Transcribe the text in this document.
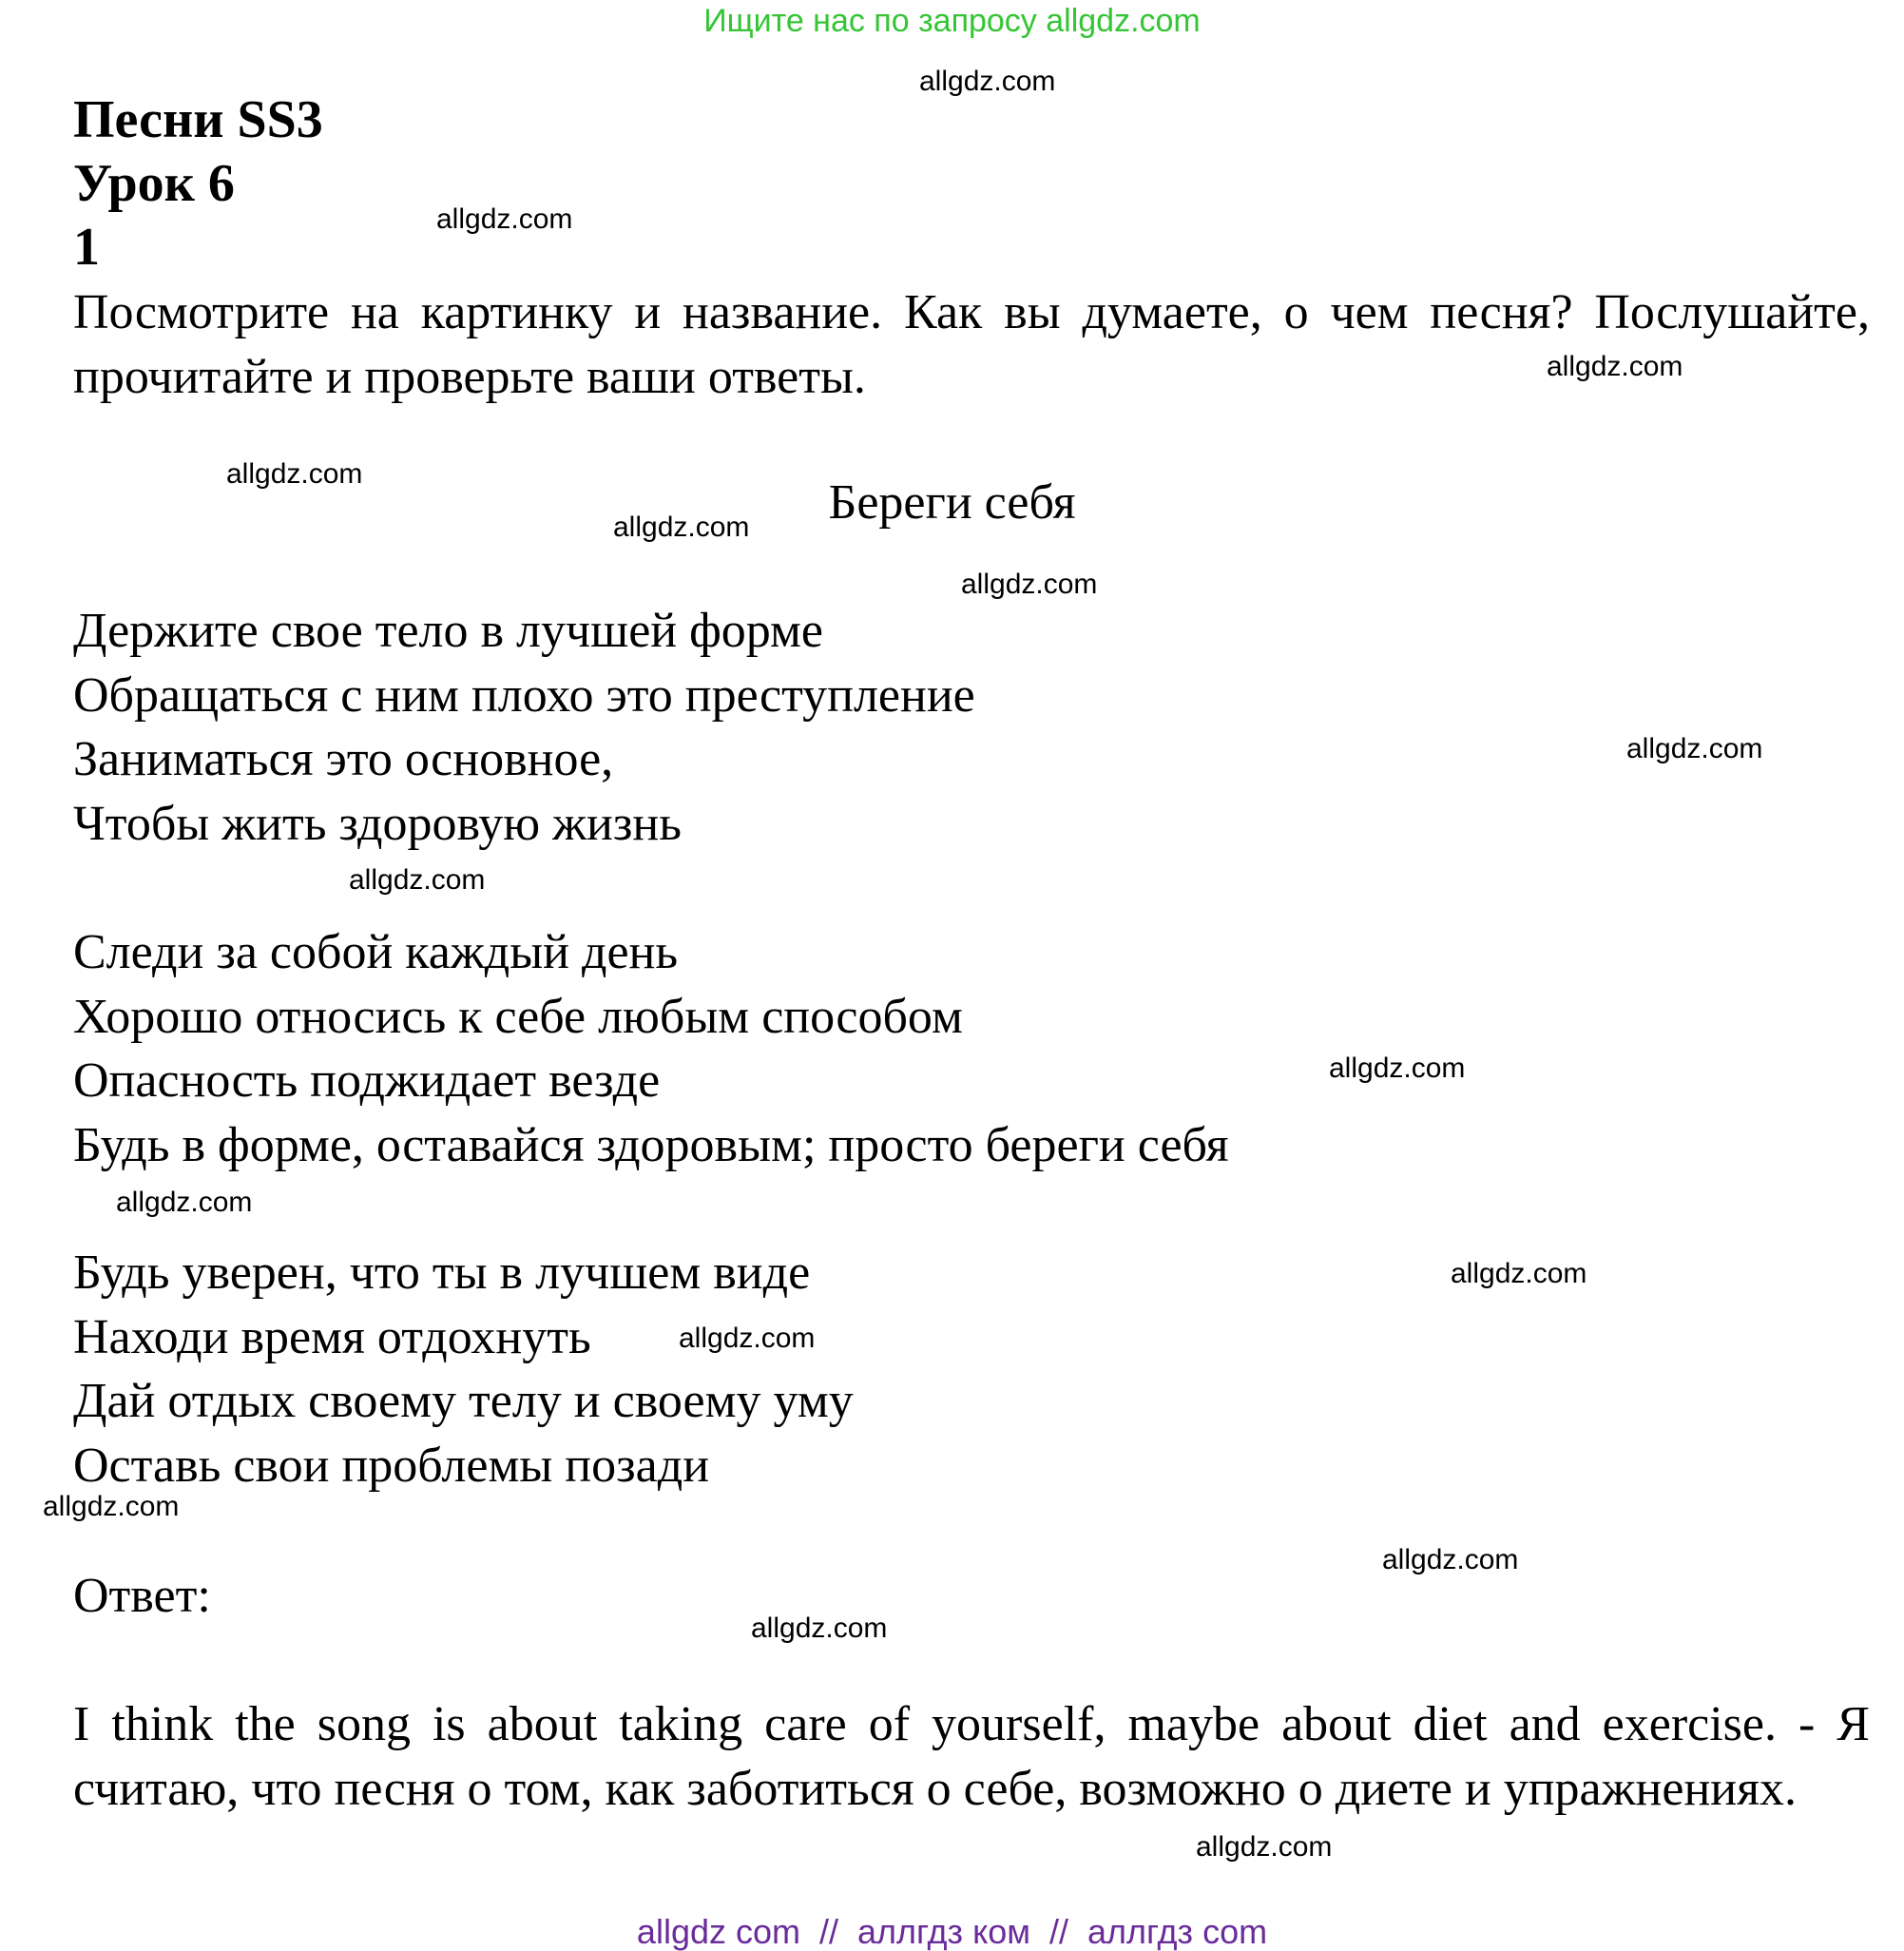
Ищите нас по запросу allgdz.com
Песни SS3
Урок 6
1

Посмотрите на картинку и название. Как вы думаете, о чем песня? Послушайте, прочитайте и проверьте ваши ответы.

Береги себя

Держите свое тело в лучшей форме
Обращаться с ним плохо это преступление
Заниматься это основное,
Чтобы жить здоровую жизнь
Следи за собой каждый день
Хорошо относись к себе любым способом
Опасность поджидает везде
Будь в форме, оставайся здоровым; просто береги себя
Будь уверен, что ты в лучшем виде
Находи время отдохнуть
Дай отдых своему телу и своему уму
Оставь свои проблемы позади

Ответ:

I think the song is about taking care of yourself, maybe about diet and exercise. - Я считаю, что песня о том, как заботиться о себе, возможно о диете и упражнениях.

allgdz.com
allgdz.com
allgdz.com
allgdz.com
allgdz.com
allgdz.com
allgdz.com
allgdz.com
allgdz.com
allgdz.com
allgdz.com
allgdz.com
allgdz.com
allgdz.com
allgdz.com
allgdz.com
allgdz com  //  аллгдз ком  //  аллгдз com
